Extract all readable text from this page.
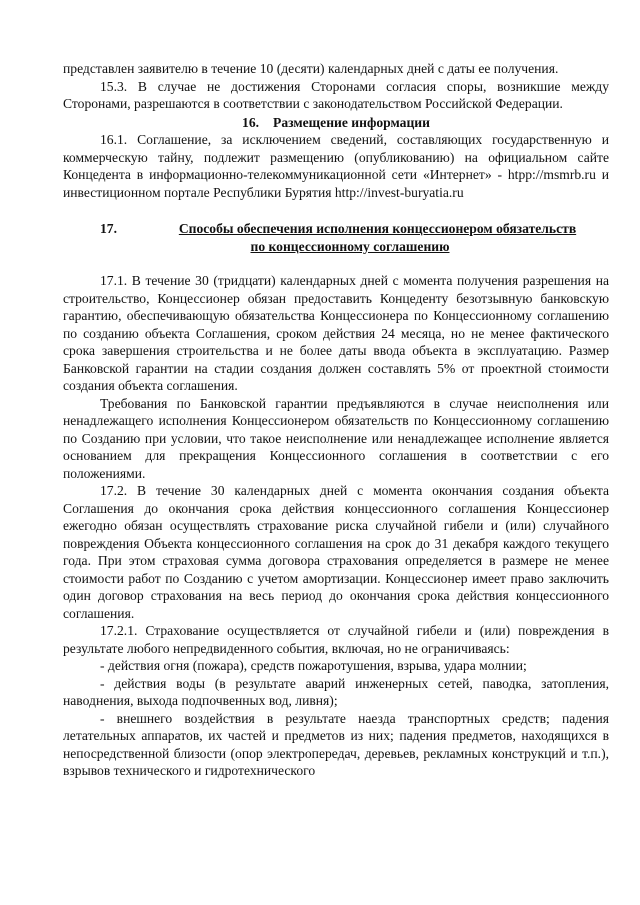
представлен заявителю в течение 10 (десяти) календарных дней с даты ее получения.

15.3. В случае не достижения Сторонами согласия споры, возникшие между Сторонами, разрешаются в соответствии с законодательством Российской Федерации.

16. Размещение информации

16.1. Соглашение, за исключением сведений, составляющих государственную и коммерческую тайну, подлежит размещению (опубликованию) на официальном сайте Концедента в информационно-телекоммуникационной сети «Интернет» - htpp://msmrb.ru и инвестиционном портале Республики Бурятия http://invest-buryatia.ru

17.	Способы обеспечения исполнения концессионером обязательств
по концессионному соглашению

17.1. В течение 30 (тридцати) календарных дней с момента получения разрешения на строительство, Концессионер обязан предоставить Концеденту безотзывную банковскую гарантию, обеспечивающую обязательства Концессионера по Концессионному соглашению по созданию объекта Соглашения, сроком действия 24 месяца, но не менее фактического срока завершения строительства и не более даты ввода объекта в эксплуатацию. Размер Банковской гарантии на стадии создания должен составлять 5% от проектной стоимости создания объекта соглашения.

Требования по Банковской гарантии предъявляются в случае неисполнения или ненадлежащего исполнения Концессионером обязательств по Концессионному соглашению по Созданию при условии, что такое неисполнение или ненадлежащее исполнение является основанием для прекращения Концессионного соглашения в соответствии с его положениями.

17.2. В течение 30 календарных дней с момента окончания создания объекта Соглашения до окончания срока действия концессионного соглашения Концессионер ежегодно обязан осуществлять страхование риска случайной гибели и (или) случайного повреждения Объекта концессионного соглашения на срок до 31 декабря каждого текущего года. При этом страховая сумма договора страхования определяется в размере не менее стоимости работ по Созданию с учетом амортизации. Концессионер имеет право заключить один договор страхования на весь период до окончания срока действия концессионного соглашения.

17.2.1. Страхование осуществляется от случайной гибели и (или) повреждения в результате любого непредвиденного события, включая, но не ограничиваясь:

- действия огня (пожара), средств пожаротушения, взрыва, удара молнии;

- действия воды (в результате аварий инженерных сетей, паводка, затопления, наводнения, выхода подпочвенных вод, ливня);

- внешнего воздействия в результате наезда транспортных средств; падения летательных аппаратов, их частей и предметов из них; падения предметов, находящихся в непосредственной близости (опор электропередач, деревьев, рекламных конструкций и т.п.), взрывов технического и гидротехнического
